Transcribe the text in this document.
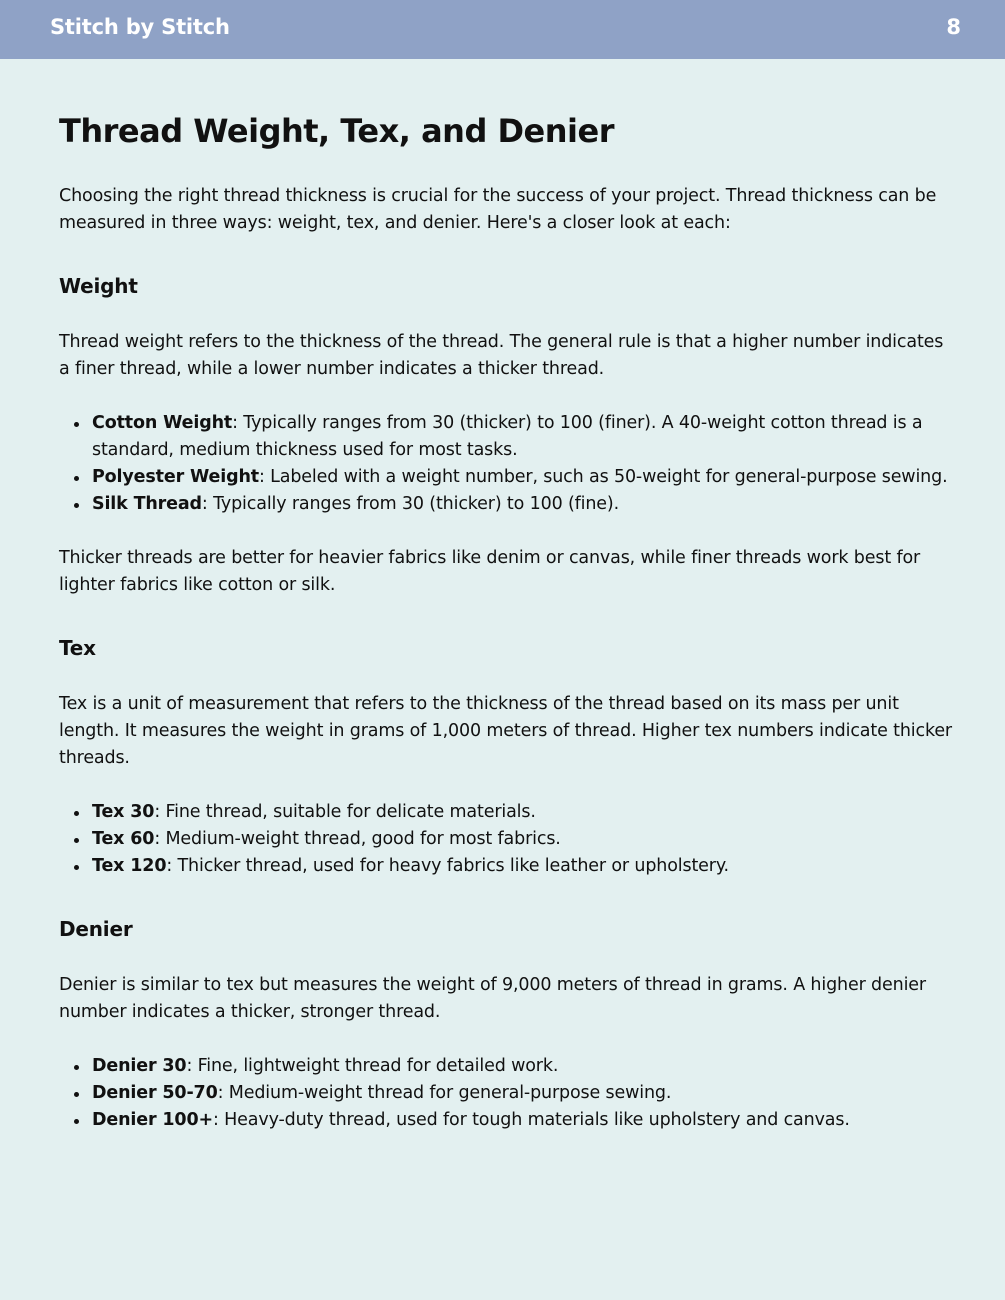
Stitch by Stitch	8
Thread Weight, Tex, and Denier

Choosing the right thread thickness is crucial for the success of your project. Thread thickness can be measured in three ways: weight, tex, and denier. Here's a closer look at each:

Weight

Thread weight refers to the thickness of the thread. The general rule is that a higher number indicates a finer thread, while a lower number indicates a thicker thread.

Cotton Weight: Typically ranges from 30 (thicker) to 100 (finer). A 40-weight cotton thread is a standard, medium thickness used for most tasks.
Polyester Weight: Labeled with a weight number, such as 50-weight for general-purpose sewing.
Silk Thread: Typically ranges from 30 (thicker) to 100 (fine).

Thicker threads are better for heavier fabrics like denim or canvas, while finer threads work best for lighter fabrics like cotton or silk.

Tex

Tex is a unit of measurement that refers to the thickness of the thread based on its mass per unit length. It measures the weight in grams of 1,000 meters of thread. Higher tex numbers indicate thicker threads.

Tex 30: Fine thread, suitable for delicate materials.
Tex 60: Medium-weight thread, good for most fabrics.
Tex 120: Thicker thread, used for heavy fabrics like leather or upholstery.
Denier

Denier is similar to tex but measures the weight of 9,000 meters of thread in grams. A higher denier number indicates a thicker, stronger thread.

Denier 30: Fine, lightweight thread for detailed work.
Denier 50-70: Medium-weight thread for general-purpose sewing.
Denier 100+: Heavy-duty thread, used for tough materials like upholstery and canvas.
